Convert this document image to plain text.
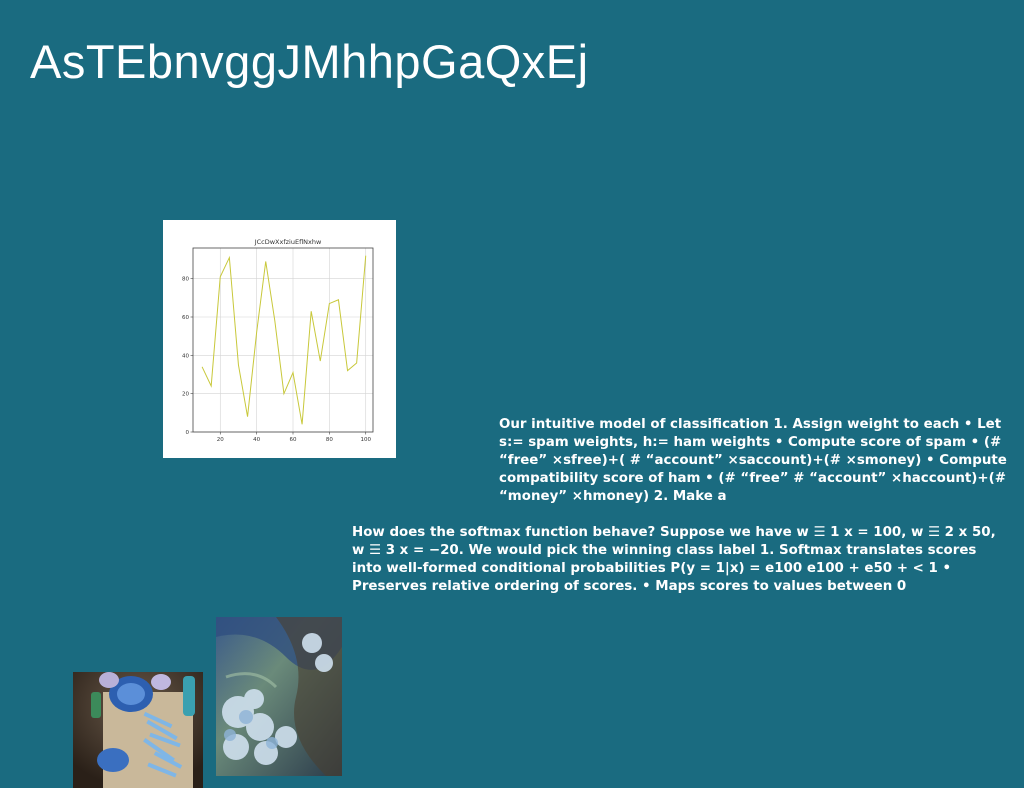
AsTEbnvggJMhhpGaQxEj
JCcDwXxfziuEflNxhw
0
20
40
60
80
20	40	60	80	100

Our intuitive model of classification 1. Assign weight to each • Let s:= spam weights, h:= ham weights • Compute score of spam • (# “free” ×sfree)+( # “account” ×saccount)+(# ×smoney) • Compute compatibility score of ham • (# “free” # “account” ×haccount)+(# “money” ×hmoney) 2. Make a

How does the softmax function behave? Suppose we have w ☰ 1 x = 100, w ☰ 2 x 50, w ☰ 3 x = −20. We would pick the winning class label 1. Softmax translates scores into well-formed conditional probabilities P(y = 1|x) = e100 e100 + e50 + < 1 • Preserves relative ordering of scores. • Maps scores to values between 0
